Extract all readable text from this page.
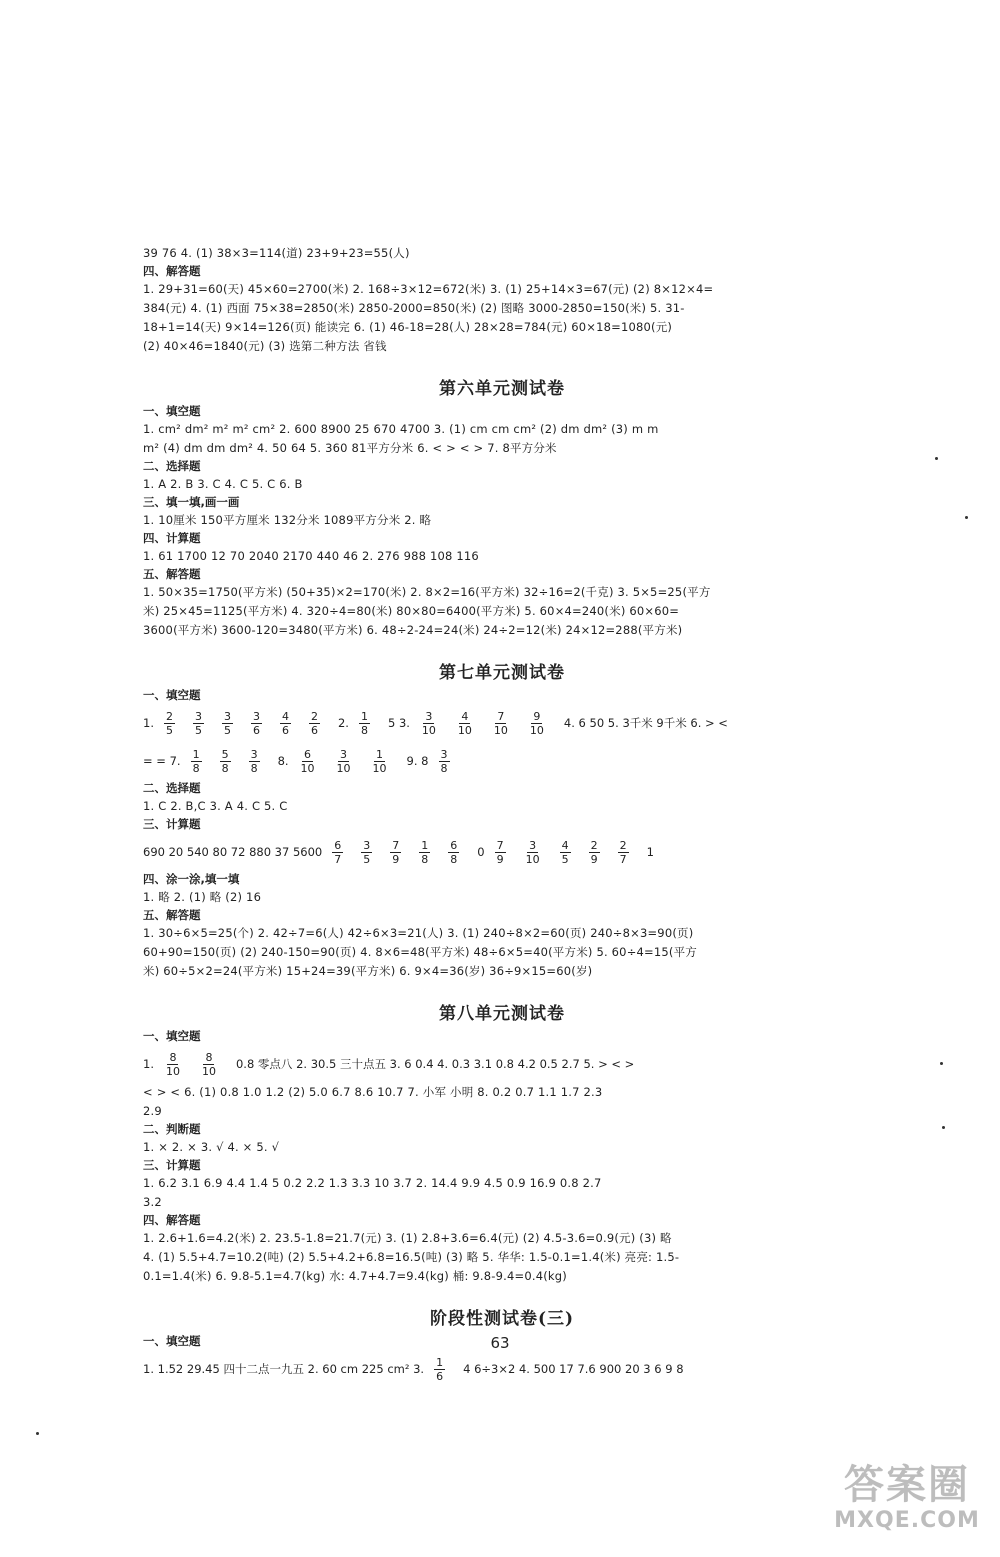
39 76 4. (1) 38×3=114(道) 23+9+23=55(人)
四、解答题
1. 29+31=60(天) 45×60=2700(米) 2. 168÷3×12=672(米) 3. (1) 25+14×3=67(元) (2) 8×12×4=
384(元) 4. (1) 西面 75×38=2850(米) 2850-2000=850(米) (2) 图略 3000-2850=150(米) 5. 31-
18+1=14(天) 9×14=126(页) 能读完 6. (1) 46-18=28(人) 28×28=784(元) 60×18=1080(元)
(2) 40×46=1840(元) (3) 选第二种方法 省钱
第六单元测试卷
一、填空题
1. cm² dm² m² m² cm² 2. 600 8900 25 670 4700 3. (1) cm cm cm² (2) dm dm² (3) m m
m² (4) dm dm dm² 4. 50 64 5. 360 81平方分米 6. < > < > 7. 8平方分米
二、选择题
1. A 2. B 3. C 4. C 5. C 6. B
三、填一填,画一画
1. 10厘米 150平方厘米 132分米 1089平方分米 2. 略
四、计算题
1. 61 1700 12 70 2040 2170 440 46 2. 276 988 108 116
五、解答题
1. 50×35=1750(平方米) (50+35)×2=170(米) 2. 8×2=16(平方米) 32÷16=2(千克) 3. 5×5=25(平方
米) 25×45=1125(平方米) 4. 320÷4=80(米) 80×80=6400(平方米) 5. 60×4=240(米) 60×60=
3600(平方米) 3600-120=3480(平方米) 6. 48÷2-24=24(米) 24÷2=12(米) 24×12=288(平方米)
第七单元测试卷
一、填空题
1. $\frac{2}{5} \frac{3}{5} \frac{3}{5} \frac{3}{6} \frac{4}{6} \frac{2}{6} 2$. $\frac{1}{8} 5$ 3. $\frac{3}{10} \frac{4}{10} \frac{7}{10} \frac{9}{10} 4$. 6 50 5. 3千米 9千米 6. > <
= = 7. $\frac{1}{8} \frac{5}{8} \frac{3}{8} 8$. $\frac{6}{10} \frac{3}{10} \frac{1}{10} 9$. $8 \frac{3}{8}$
二、选择题
1. C 2. B,C 3. A 4. C 5. C
三、计算题
690 20 540 80 72 880 37 $5600 \frac{6}{7} \frac{3}{5} \frac{7}{9} \frac{1}{8} \frac{6}{8} 0 \frac{7}{9} \frac{3}{10} \frac{4}{5} \frac{2}{9} \frac{2}{7} 1$
四、涂一涂,填一填
1. 略 2. (1) 略 (2) 16
五、解答题
1. 30÷6×5=25(个) 2. 42÷7=6(人) 42÷6×3=21(人) 3. (1) 240÷8×2=60(页) 240÷8×3=90(页)
60+90=150(页) (2) 240-150=90(页) 4. 8×6=48(平方米) 48÷6×5=40(平方米) 5. 60÷4=15(平方
米) 60÷5×2=24(平方米) 15+24=39(平方米) 6. 9×4=36(岁) 36÷9×15=60(岁)
第八单元测试卷
一、填空题
1. $\frac{8}{10} \frac{8}{10} 0.8$ 零点八 2. 30.5 三十点五 3. 6 0.4 4. 0.3 3.1 0.8 4.2 0.5 2.7 5. > < >
< > < 6. (1) 0.8 1.0 1.2 (2) 5.0 6.7 8.6 10.7 7. 小军 小明 8. 0.2 0.7 1.1 1.7 2.3
2.9
二、判断题
1. × 2. × 3. √ 4. × 5. √
三、计算题
1. 6.2 3.1 6.9 4.4 1.4 5 0.2 2.2 1.3 3.3 10 3.7 2. 14.4 9.9 4.5 0.9 16.9 0.8 2.7
3.2
四、解答题
1. 2.6+1.6=4.2(米) 2. 23.5-1.8=21.7(元) 3. (1) 2.8+3.6=6.4(元) (2) 4.5-3.6=0.9(元) (3) 略
4. (1) 5.5+4.7=10.2(吨) (2) 5.5+4.2+6.8=16.5(吨) (3) 略 5. 华华: 1.5-0.1=1.4(米) 亮亮: 1.5-
0.1=1.4(米) 6. 9.8-5.1=4.7(kg) 水: 4.7+4.7=9.4(kg) 桶: 9.8-9.4=0.4(kg)
阶段性测试卷(三)
一、填空题
1. 1.52 29.45 四十二点一九五 2. 60 cm 225 cm² 3. $\frac{1}{6} 4$ 6÷3×2 4. 500 17 7.6 900 20 3 6 9 8
63
答案圈
MXQE.COM
